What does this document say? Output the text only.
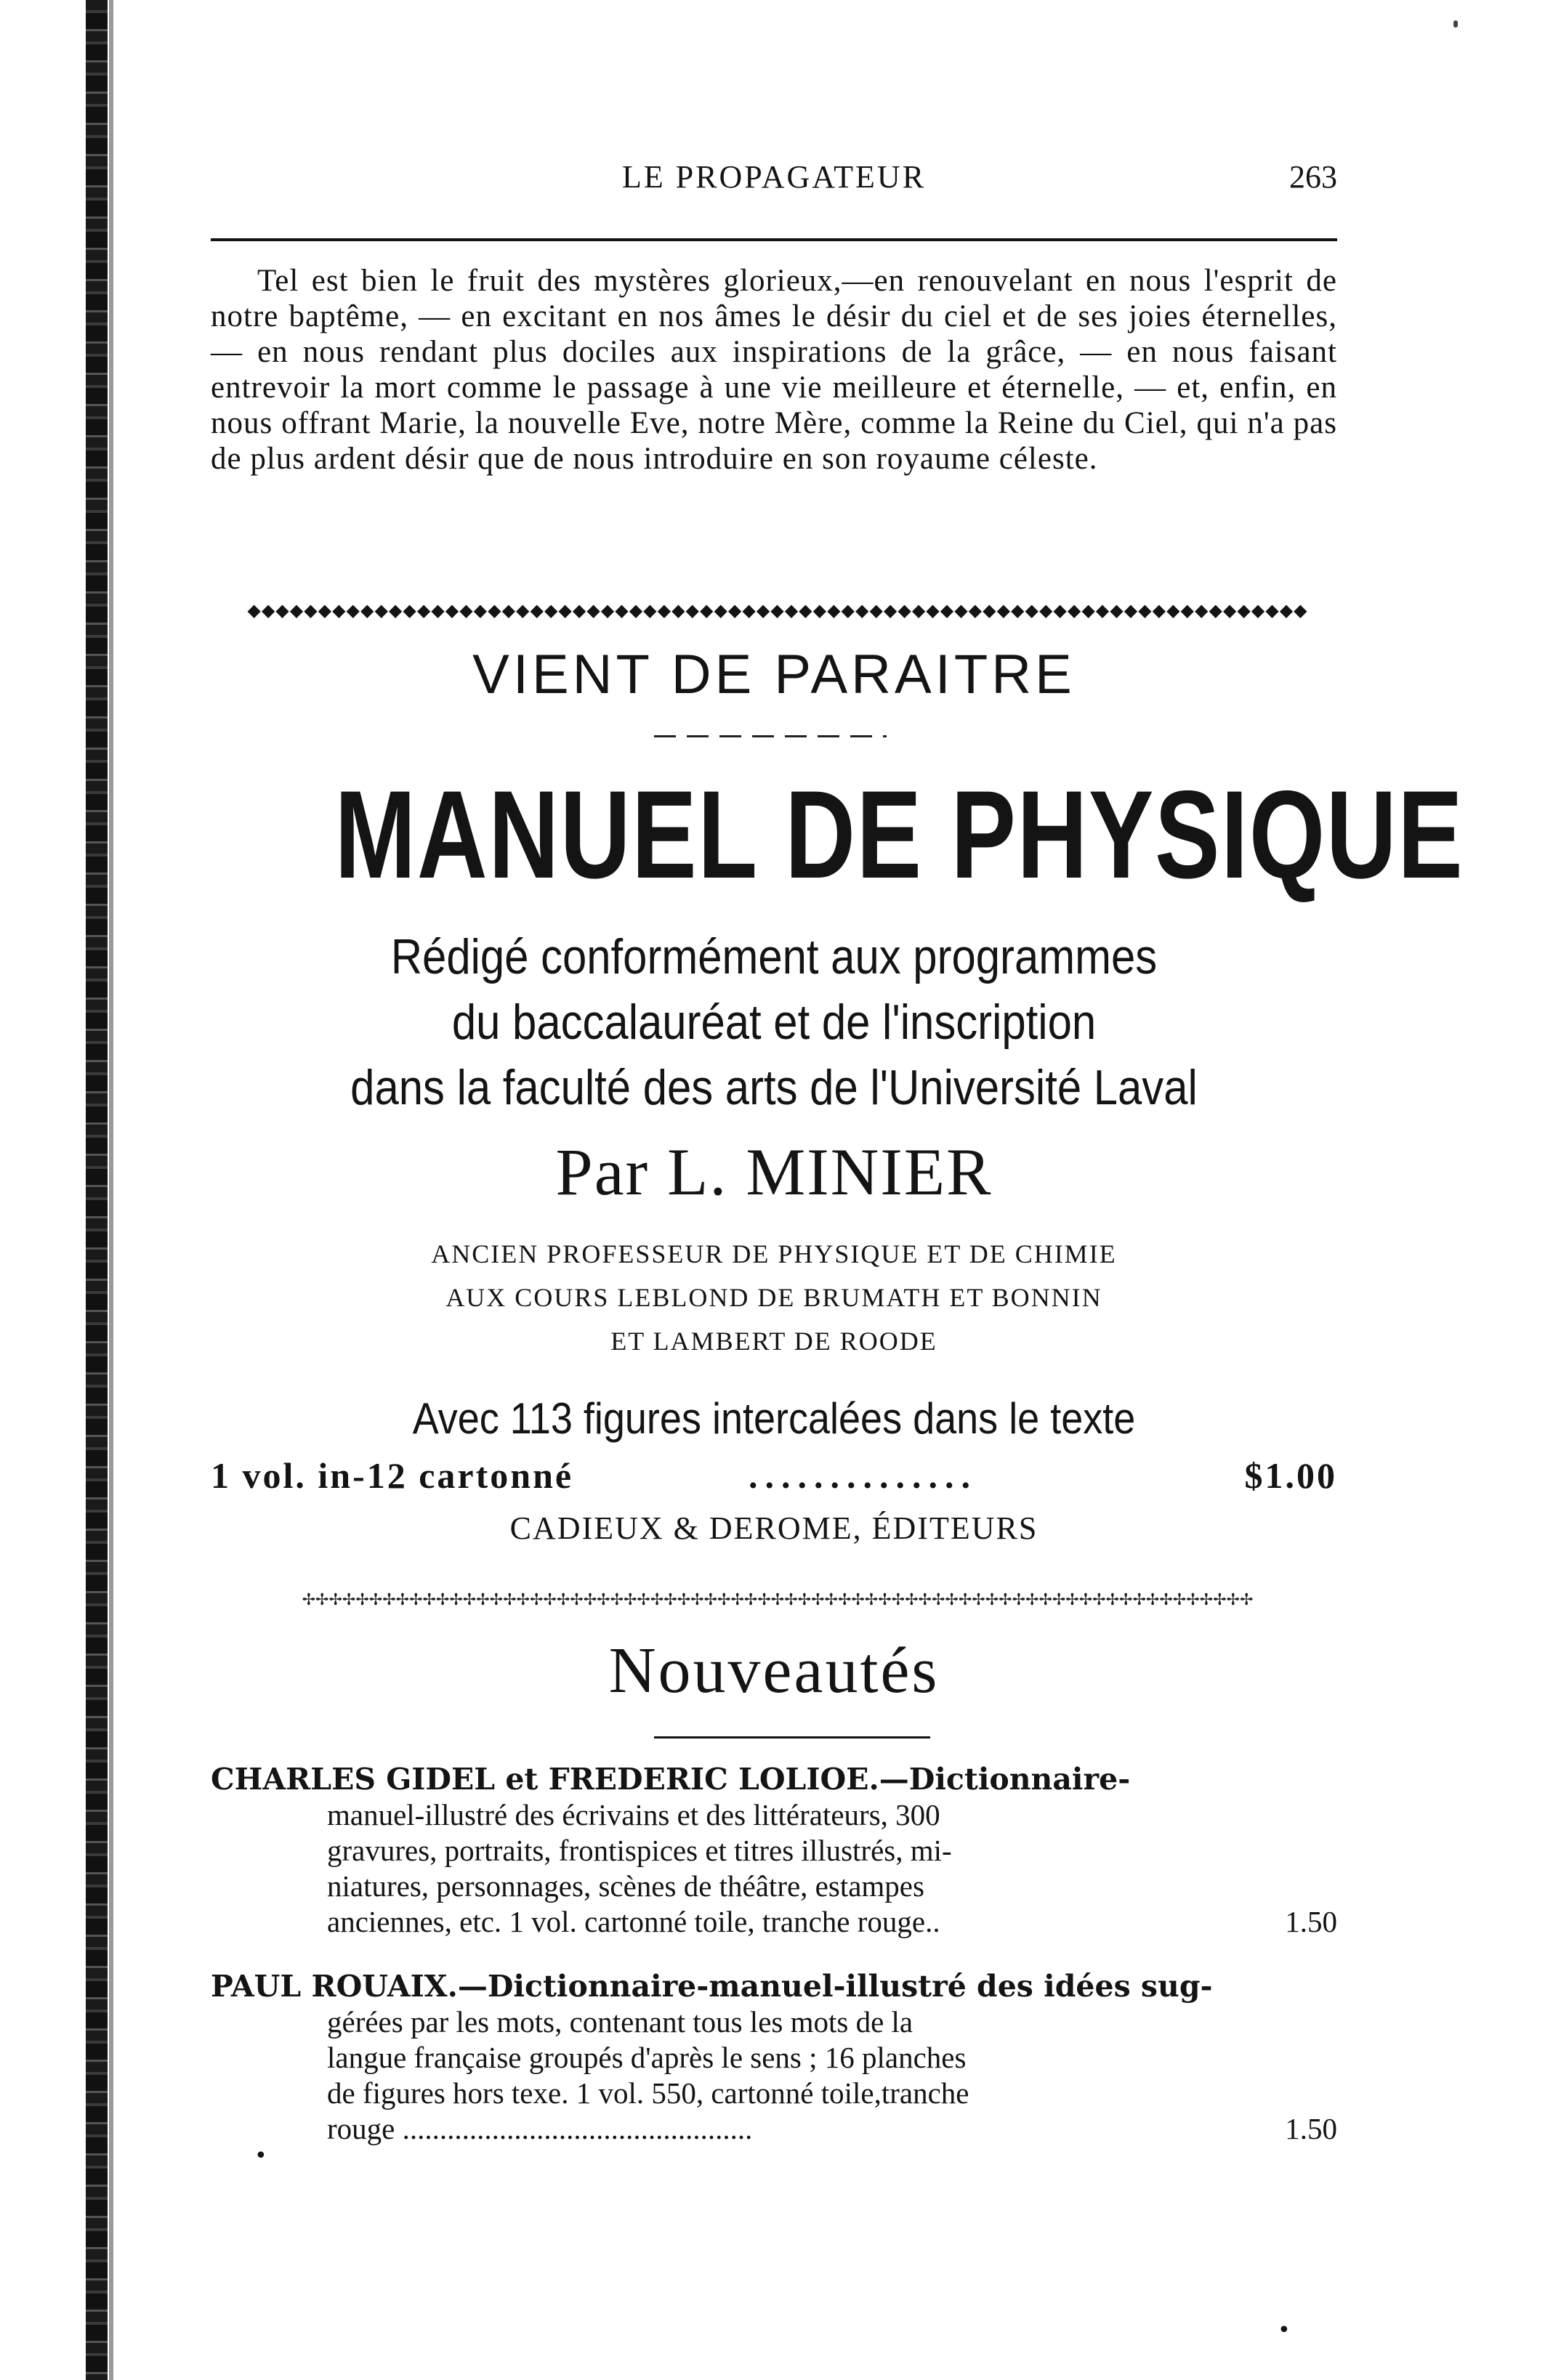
LE PROPAGATEUR	263
Tel est bien le fruit des mystères glorieux,—en renouvelant en nous l'esprit de notre baptême, — en excitant en nos âmes le désir du ciel et de ses joies éternelles, — en nous rendant plus dociles aux inspirations de la grâce, — en nous faisant entrevoir la mort comme le passage à une vie meilleure et éternelle, — et, enfin, en nous offrant Marie, la nouvelle Eve, notre Mère, comme la Reine du Ciel, qui n'a pas de plus ardent désir que de nous introduire en son royaume céleste.
◆◆◆◆◆◆◆◆◆◆◆◆◆◆◆◆◆◆◆◆◆◆◆◆◆◆◆◆◆◆◆◆◆◆◆◆◆◆◆◆◆◆◆◆◆◆◆◆◆◆◆◆◆◆◆◆◆◆◆◆◆◆◆◆◆◆◆◆◆◆◆◆◆◆◆
VIENT DE PARAITRE
MANUEL DE PHYSIQUE
Rédigé conformément aux programmes
du baccalauréat et de l'inscription
dans la faculté des arts de l'Université Laval
Par L. MINIER
ANCIEN PROFESSEUR DE PHYSIQUE ET DE CHIMIE
AUX COURS LEBLOND DE BRUMATH ET BONNIN
ET LAMBERT DE ROODE
Avec 113 figures intercalées dans le texte
1 vol. in-12 cartonné	..............	$1.00
CADIEUX & DEROME, ÉDITEURS
✢✢✢✢✢✢✢✢✢✢✢✢✢✢✢✢✢✢✢✢✢✢✢✢✢✢✢✢✢✢✢✢✢✢✢✢✢✢✢✢✢✢✢✢✢✢✢✢✢✢✢✢✢✢✢✢✢✢✢✢✢✢✢✢✢✢✢✢✢✢✢
Nouveautés
CHARLES GIDEL et FREDERIC LOLIOE.—Dictionnaire-
manuel-illustré des écrivains et des littérateurs, 300
gravures, portraits, frontispices et titres illustrés, mi-
niatures, personnages, scènes de théâtre, estampes
anciennes, etc. 1 vol. cartonné toile, tranche rouge..	1.50
PAUL ROUAIX.—Dictionnaire-manuel-illustré des idées sug-
gérées par les mots, contenant tous les mots de la
langue française groupés d'après le sens ; 16 planches
de figures hors texe. 1 vol. 550, cartonné toile,tranche
rouge ...............................................	1.50
•
•
